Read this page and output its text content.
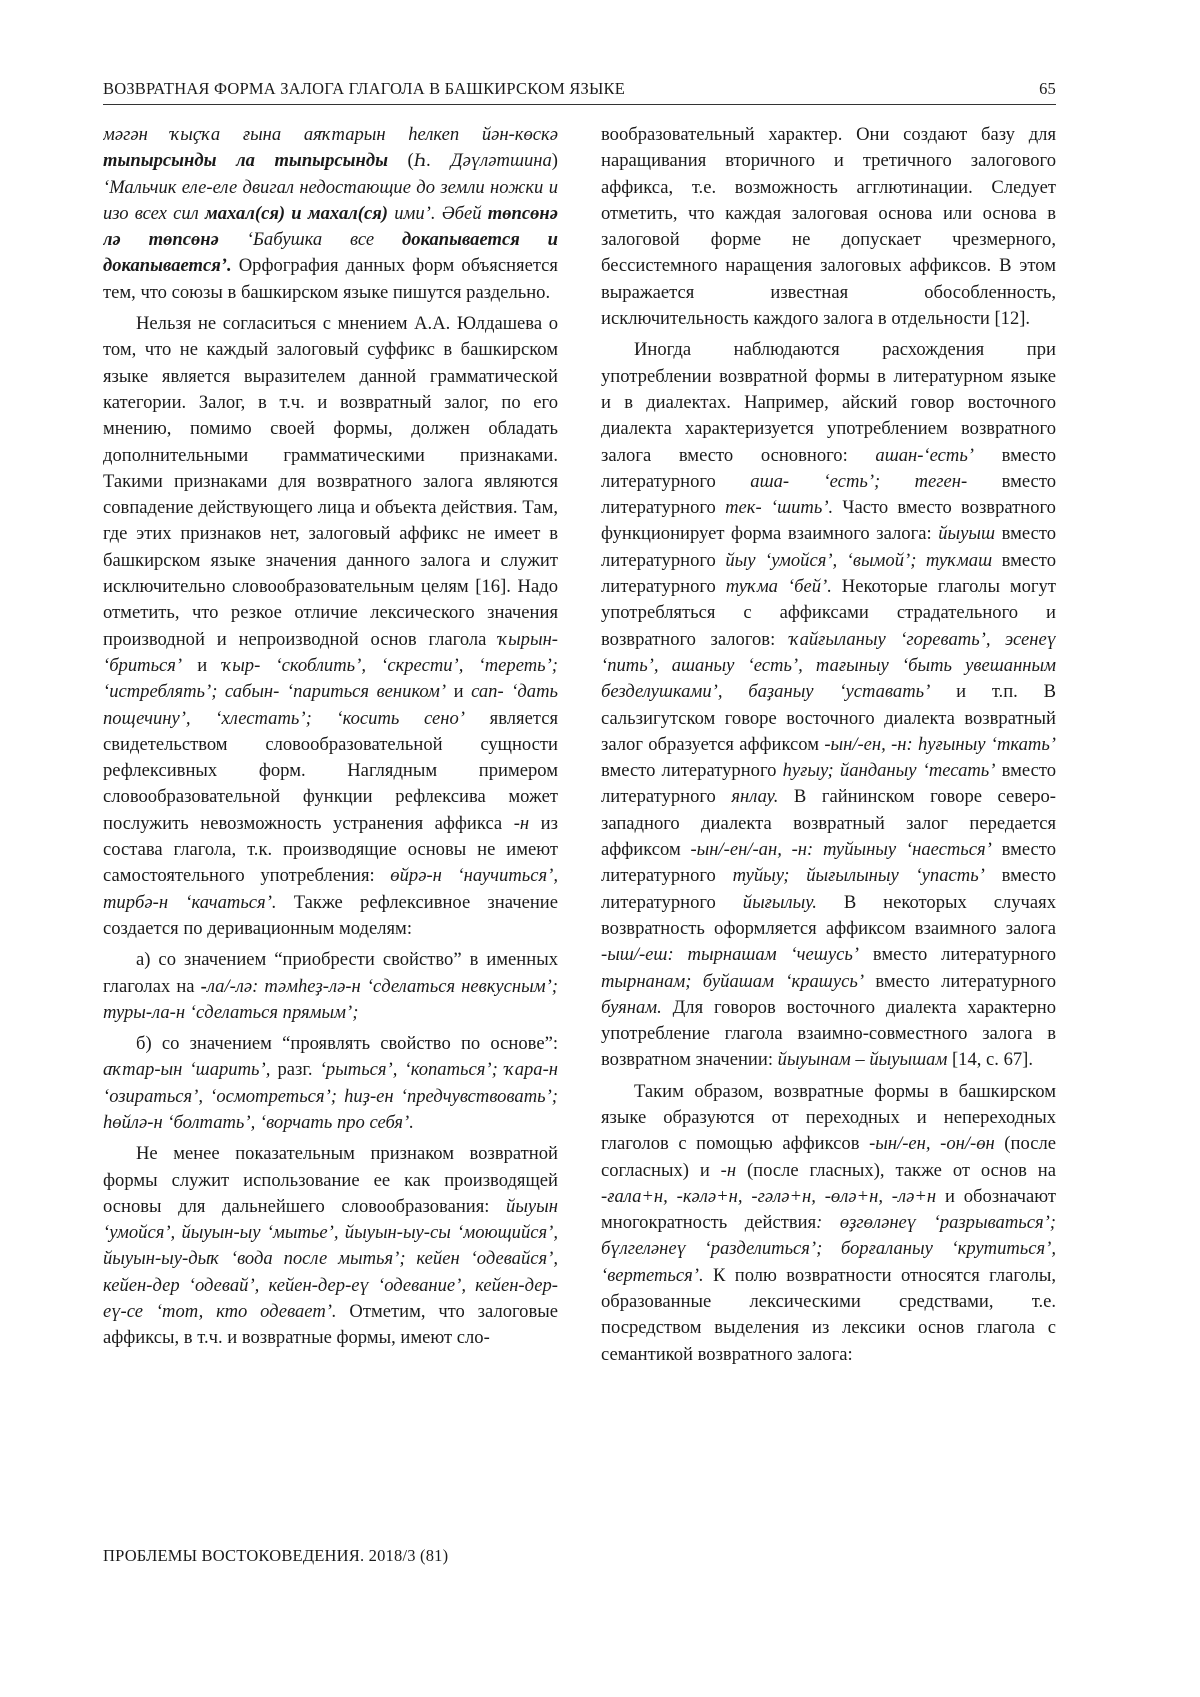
ВОЗВРАТНАЯ ФОРМА ЗАЛОГА ГЛАГОЛА В БАШКИРСКОМ ЯЗЫКЕ	65

мәгән ҡыҫҡа ғына аяҡтарын һелкеп йән-көскә тыпырсынды ла тыпырсынды (Һ. Дәүләтшина) ‘Мальчик еле-еле двигал недостающие до земли ножки и изо всех сил махал(ся) и махал(ся) ими’. Әбей төпсөнә лә төпсөнә ‘Бабушка все докапывается и докапывается’. Орфография данных форм объясняется тем, что союзы в башкирском языке пишутся раздельно.

Нельзя не согласиться с мнением А.А. Юлдашева о том, что не каждый залоговый суффикс в башкирском языке является выразителем данной грамматической категории. Залог, в т.ч. и возвратный залог, по его мнению, помимо своей формы, должен обладать дополнительными грамматическими признаками. Такими признаками для возвратного залога являются совпадение действующего лица и объекта действия. Там, где этих признаков нет, залоговый аффикс не имеет в башкирском языке значения данного залога и служит исключительно словообразовательным целям [16]. Надо отметить, что резкое отличие лексического значения производной и непроизводной основ глагола ҡырын- ‘бриться’ и ҡыр- ‘скоблить’, ‘скрести’, ‘тереть’; ‘истреблять’; сабын- ‘париться веником’ и сап- ‘дать пощечину’, ‘хлестать’; ‘косить сено’ является свидетельством словообразовательной сущности рефлексивных форм. Наглядным примером словообразовательной функции рефлексива может послужить невозможность устранения аффикса -н из состава глагола, т.к. производящие основы не имеют самостоятельного употребления: өйрә-н ‘научиться’, тирбә-н ‘качаться’. Также рефлексивное значение создается по деривационным моделям:

а) со значением “приобрести свойство” в именных глаголах на -ла/-лә: тәмһеҙ-лә-н ‘сделаться невкусным’; туры-ла-н ‘сделаться прямым’;

б) со значением “проявлять свойство по основе”: аҡтар-ын ‘шарить’, разг. ‘рыться’, ‘копаться’; ҡара-н ‘озираться’, ‘осмотреться’; һиҙ-ен ‘предчувствовать’; һөйлә-н ‘болтать’, ‘ворчать про себя’.

Не менее показательным признаком возвратной формы служит использование ее как производящей основы для дальнейшего словообразования: йыуын ‘умойся’, йыуын-ыу ‘мытье’, йыуын-ыу-сы ‘моющийся’, йыуын-ыу-дыҡ ‘вода после мытья’; кейен ‘одевайся’, кейен-дер ‘одевай’, кейен-дер-еү ‘одевание’, кейен-дер-еү-се ‘тот, кто одевает’. Отметим, что залоговые аффиксы, в т.ч. и возвратные формы, имеют сло-

вообразовательный характер. Они создают базу для наращивания вторичного и третичного залогового аффикса, т.е. возможность агглютинации. Следует отметить, что каждая залоговая основа или основа в залоговой форме не допускает чрезмерного, бессистемного наращения залоговых аффиксов. В этом выражается известная обособленность, исключительность каждого залога в отдельности [12].

Иногда наблюдаются расхождения при употреблении возвратной формы в литературном языке и в диалектах. Например, айский говор восточного диалекта характеризуется употреблением возвратного залога вместо основного: ашан-‘есть’ вместо литературного аша- ‘есть’; теген- вместо литературного тек- ‘шить’. Часто вместо возвратного функционирует форма взаимного залога: йыуыш вместо литературного йыу ‘умойся’, ‘вымой’; туҡмаш вместо литературного туҡма ‘бей’. Некоторые глаголы могут употребляться с аффиксами страдательного и возвратного залогов: ҡайғыланыу ‘горевать’, эсенеү ‘пить’, ашаныу ‘есть’, тағыныу ‘быть увешанным безделушками’, баҙаныу ‘уставать’ и т.п. В сальзигутском говоре восточного диалекта возвратный залог образуется аффиксом -ын/-ен, -н: һуғыныу ‘ткать’ вместо литературного һуғыу; йанданыу ‘тесать’ вместо литературного янлау. В гайнинском говоре северо-западного диалекта возвратный залог передается аффиксом -ын/-ен/-ан, -н: туйыныу ‘наесться’ вместо литературного туйыу; йығылыныу ‘упасть’ вместо литературного йығылыу. В некоторых случаях возвратность оформляется аффиксом взаимного залога -ыш/-еш: тырнашам ‘чешусь’ вместо литературного тырнанам; буйашам ‘крашусь’ вместо литературного буянам. Для говоров восточного диалекта характерно употребление глагола взаимно-совместного залога в возвратном значении: йыуынам – йыуышам [14, с. 67].

Таким образом, возвратные формы в башкирском языке образуются от переходных и непереходных глаголов с помощью аффиксов -ын/-ен, -он/-өн (после согласных) и -н (после гласных), также от основ на -ғала+н, -кәлә+н, -гәлә+н, -өлә+н, -лә+н и обозначают многократность действия: өҙгөләнеү ‘разрываться’; бүлгеләнеү ‘разделиться’; борғаланыу ‘крутиться’, ‘вертеться’. К полю возвратности относятся глаголы, образованные лексическими средствами, т.е. посредством выделения из лексики основ глагола с семантикой возвратного залога:

ПРОБЛЕМЫ ВОСТОКОВЕДЕНИЯ. 2018/3 (81)
